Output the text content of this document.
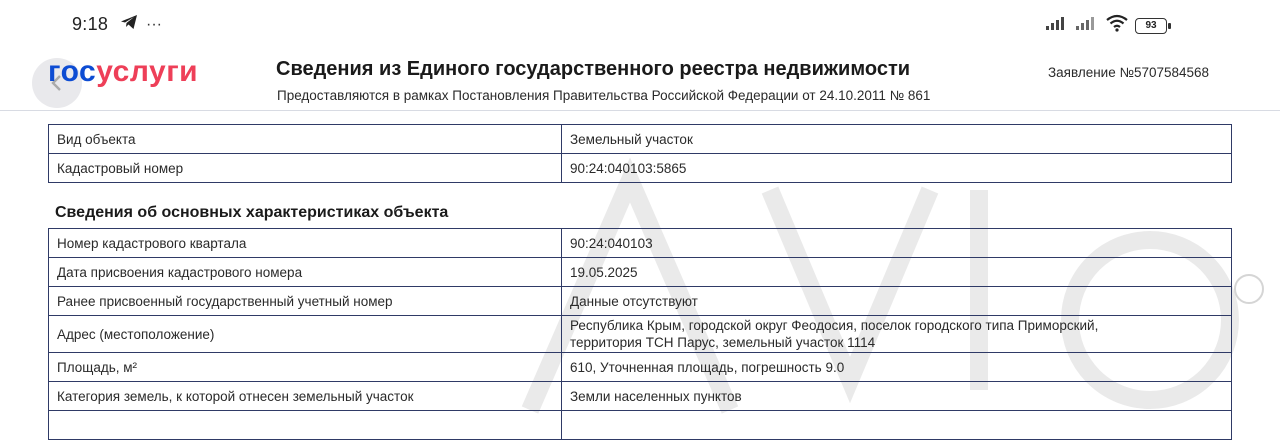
9:18 ···	93
госуслуги	Сведения из Единого государственного реестра недвижимости
Предоставляются в рамках Постановления Правительства Российской Федерации от 24.10.2011 № 861
Заявление №5707584568
Вид объекта	Земельный участок
Кадастровый номер	90:24:040103:5865
Сведения об основных характеристиках объекта
Номер кадастрового квартала	90:24:040103
Дата присвоения кадастрового номера	19.05.2025
Ранее присвоенный государственный учетный номер	Данные отсутствуют
Адрес (местоположение)	Республика Крым, городской округ Феодосия, поселок городского типа Приморский,
территория ТСН Парус, земельный участок 1114

Площадь, м²	610, Уточненная площадь, погрешность 9.0
Категория земель, к которой отнесен земельный участок	Земли населенных пунктов
